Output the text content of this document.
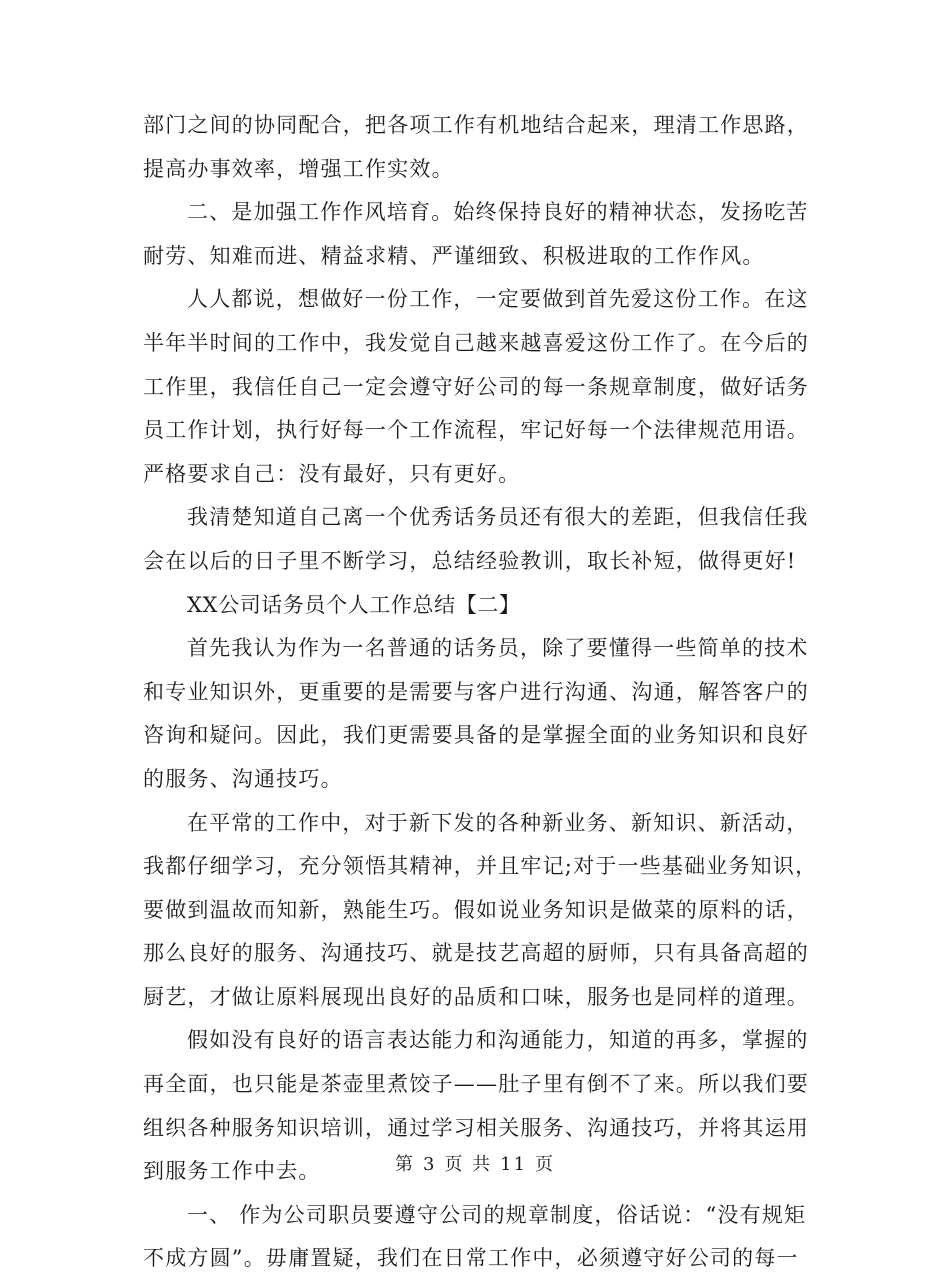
部门之间的协同配合，把各项工作有机地结合起来，理清工作思路，
提高办事效率，增强工作实效。
二、是加强工作作风培育。始终保持良好的精神状态，发扬吃苦
耐劳、知难而进、精益求精、严谨细致、积极进取的工作作风。
人人都说，想做好一份工作，一定要做到首先爱这份工作。在这
半年半时间的工作中，我发觉自己越来越喜爱这份工作了。在今后的
工作里，我信任自己一定会遵守好公司的每一条规章制度，做好话务
员工作计划，执行好每一个工作流程，牢记好每一个法律规范用语。
严格要求自己：没有最好，只有更好。
我清楚知道自己离一个优秀话务员还有很大的差距，但我信任我
会在以后的日子里不断学习，总结经验教训，取长补短，做得更好!
XX公司话务员个人工作总结【二】
首先我认为作为一名普通的话务员，除了要懂得一些简单的技术
和专业知识外，更重要的是需要与客户进行沟通、沟通，解答客户的
咨询和疑问。因此，我们更需要具备的是掌握全面的业务知识和良好
的服务、沟通技巧。
在平常的工作中，对于新下发的各种新业务、新知识、新活动，
我都仔细学习，充分领悟其精神，并且牢记;对于一些基础业务知识，
要做到温故而知新，熟能生巧。假如说业务知识是做菜的原料的话，
那么良好的服务、沟通技巧、就是技艺高超的厨师，只有具备高超的
厨艺，才做让原料展现出良好的品质和口味，服务也是同样的道理。
假如没有良好的语言表达能力和沟通能力，知道的再多，掌握的
再全面，也只能是茶壶里煮饺子——肚子里有倒不了来。所以我们要
组织各种服务知识培训，通过学习相关服务、沟通技巧，并将其运用
到服务工作中去。
一、 作为公司职员要遵守公司的规章制度，俗话说：“没有规矩
不成方圆”。毋庸置疑，我们在日常工作中，必须遵守好公司的每一
第 3 页 共 11 页
